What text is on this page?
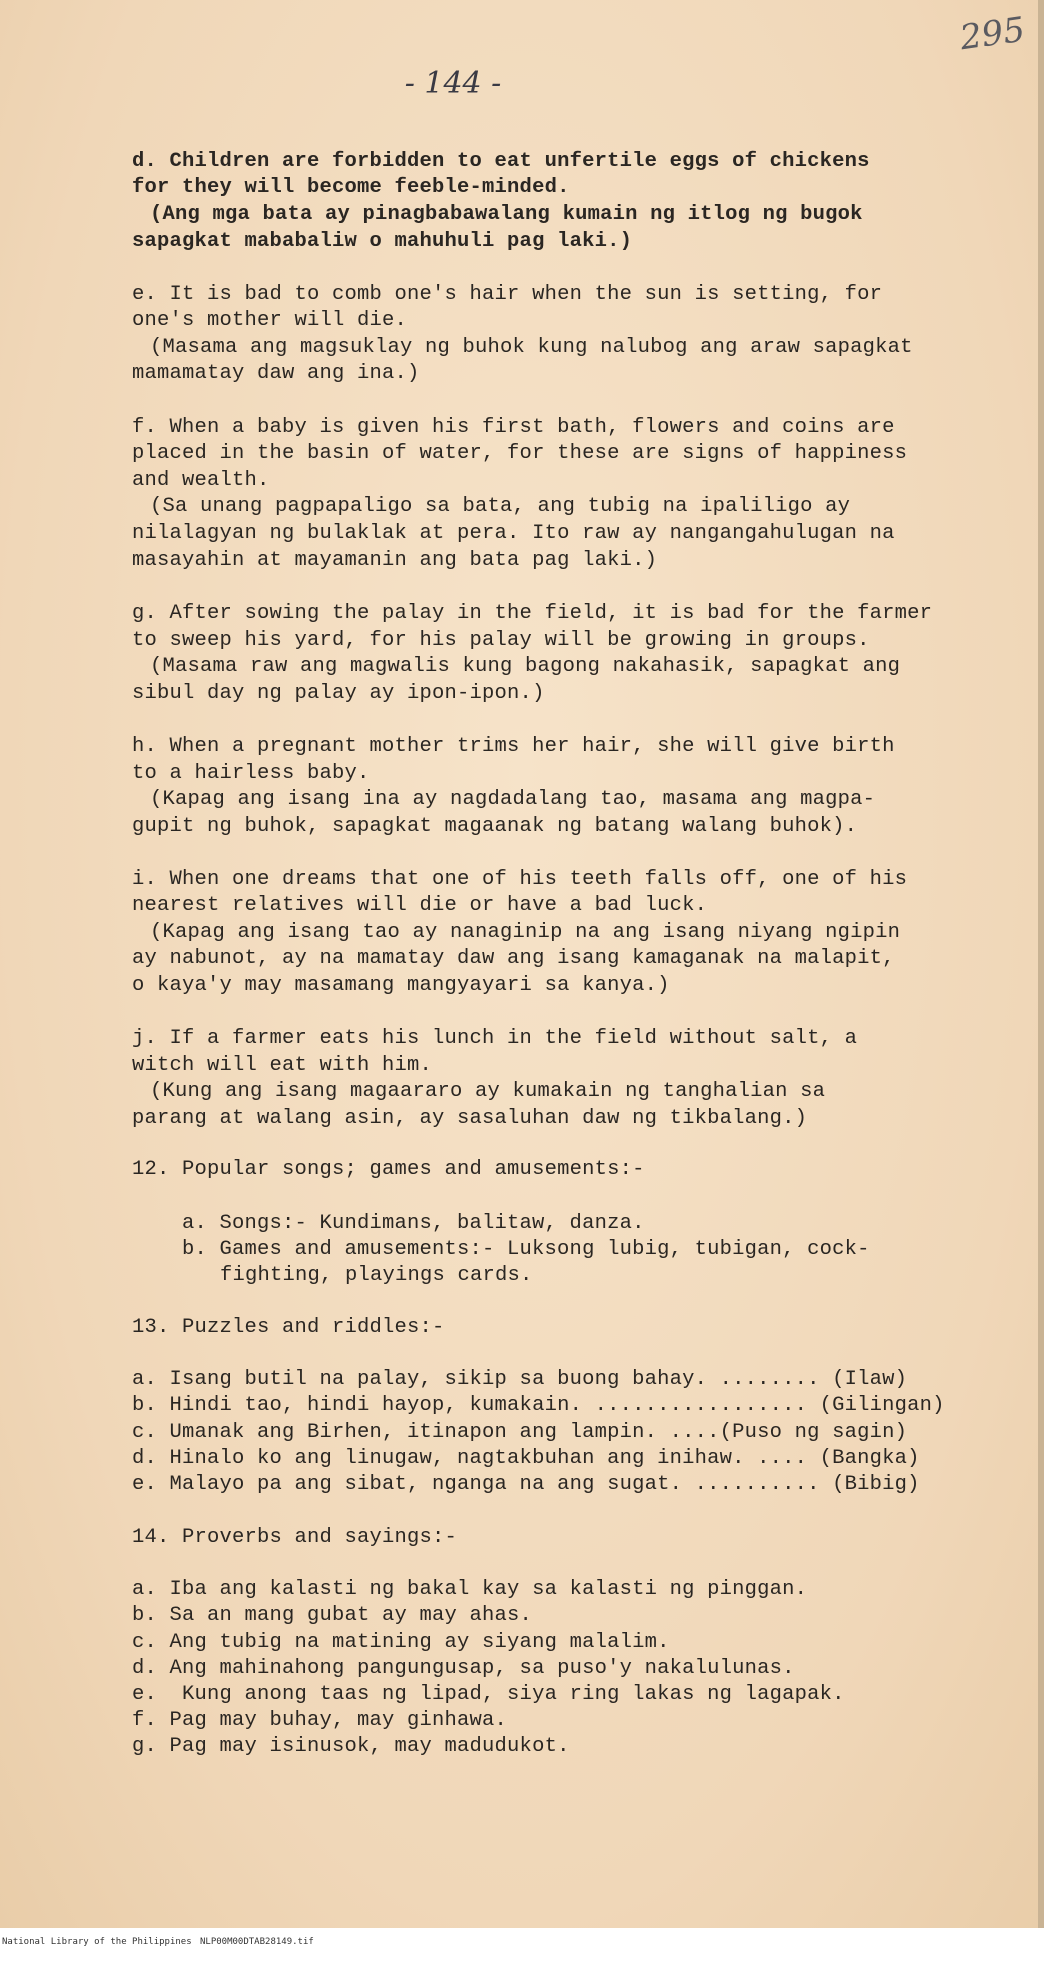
- 144 -
295
d. Children are forbidden to eat unfertile eggs of chickens
for they will become feeble-minded.
(Ang mga bata ay pinagbabawalang kumain ng itlog ng bugok
sapagkat mababaliw o mahuhuli pag laki.)
e. It is bad to comb one's hair when the sun is setting, for
one's mother will die.
(Masama ang magsuklay ng buhok kung nalubog ang araw sapagkat
mamamatay daw ang ina.)
f. When a baby is given his first bath, flowers and coins are
placed in the basin of water, for these are signs of happiness
and wealth.
(Sa unang pagpapaligo sa bata, ang tubig na ipaliligo ay
nilalagyan ng bulaklak at pera. Ito raw ay nangangahulugan na
masayahin at mayamanin ang bata pag laki.)
g. After sowing the palay in the field, it is bad for the farmer
to sweep his yard, for his palay will be growing in groups.
(Masama raw ang magwalis kung bagong nakahasik, sapagkat ang
sibul day ng palay ay ipon-ipon.)
h. When a pregnant mother trims her hair, she will give birth
to a hairless baby.
(Kapag ang isang ina ay nagdadalang tao, masama ang magpa-
gupit ng buhok, sapagkat magaanak ng batang walang buhok).
i. When one dreams that one of his teeth falls off, one of his
nearest relatives will die or have a bad luck.
(Kapag ang isang tao ay nanaginip na ang isang niyang ngipin
ay nabunot, ay na mamatay daw ang isang kamaganak na malapit,
o kaya'y may masamang mangyayari sa kanya.)
j. If a farmer eats his lunch in the field without salt, a
witch will eat with him.
(Kung ang isang magaararo ay kumakain ng tanghalian sa
parang at walang asin, ay sasaluhan daw ng tikbalang.)
12. Popular songs; games and amusements:-
a. Songs:- Kundimans, balitaw, danza.
b. Games and amusements:- Luksong lubig, tubigan, cock-
fighting, playings cards.
13. Puzzles and riddles:-
a. Isang butil na palay, sikip sa buong bahay. ........ (Ilaw)
b. Hindi tao, hindi hayop, kumakain. ................. (Gilingan)
c. Umanak ang Birhen, itinapon ang lampin. ....(Puso ng sagin)
d. Hinalo ko ang linugaw, nagtakbuhan ang inihaw. .... (Bangka)
e. Malayo pa ang sibat, nganga na ang sugat. .......... (Bibig)
14. Proverbs and sayings:-
a. Iba ang kalasti ng bakal kay sa kalasti ng pinggan.
b. Sa an mang gubat ay may ahas.
c. Ang tubig na matining ay siyang malalim.
d. Ang mahinahong pangungusap, sa puso'y nakalulunas.
e.  Kung anong taas ng lipad, siya ring lakas ng lagapak.
f. Pag may buhay, may ginhawa.
g. Pag may isinusok, may madudukot.

National Library of the Philippines

NLP00M00DTAB28149.tif
